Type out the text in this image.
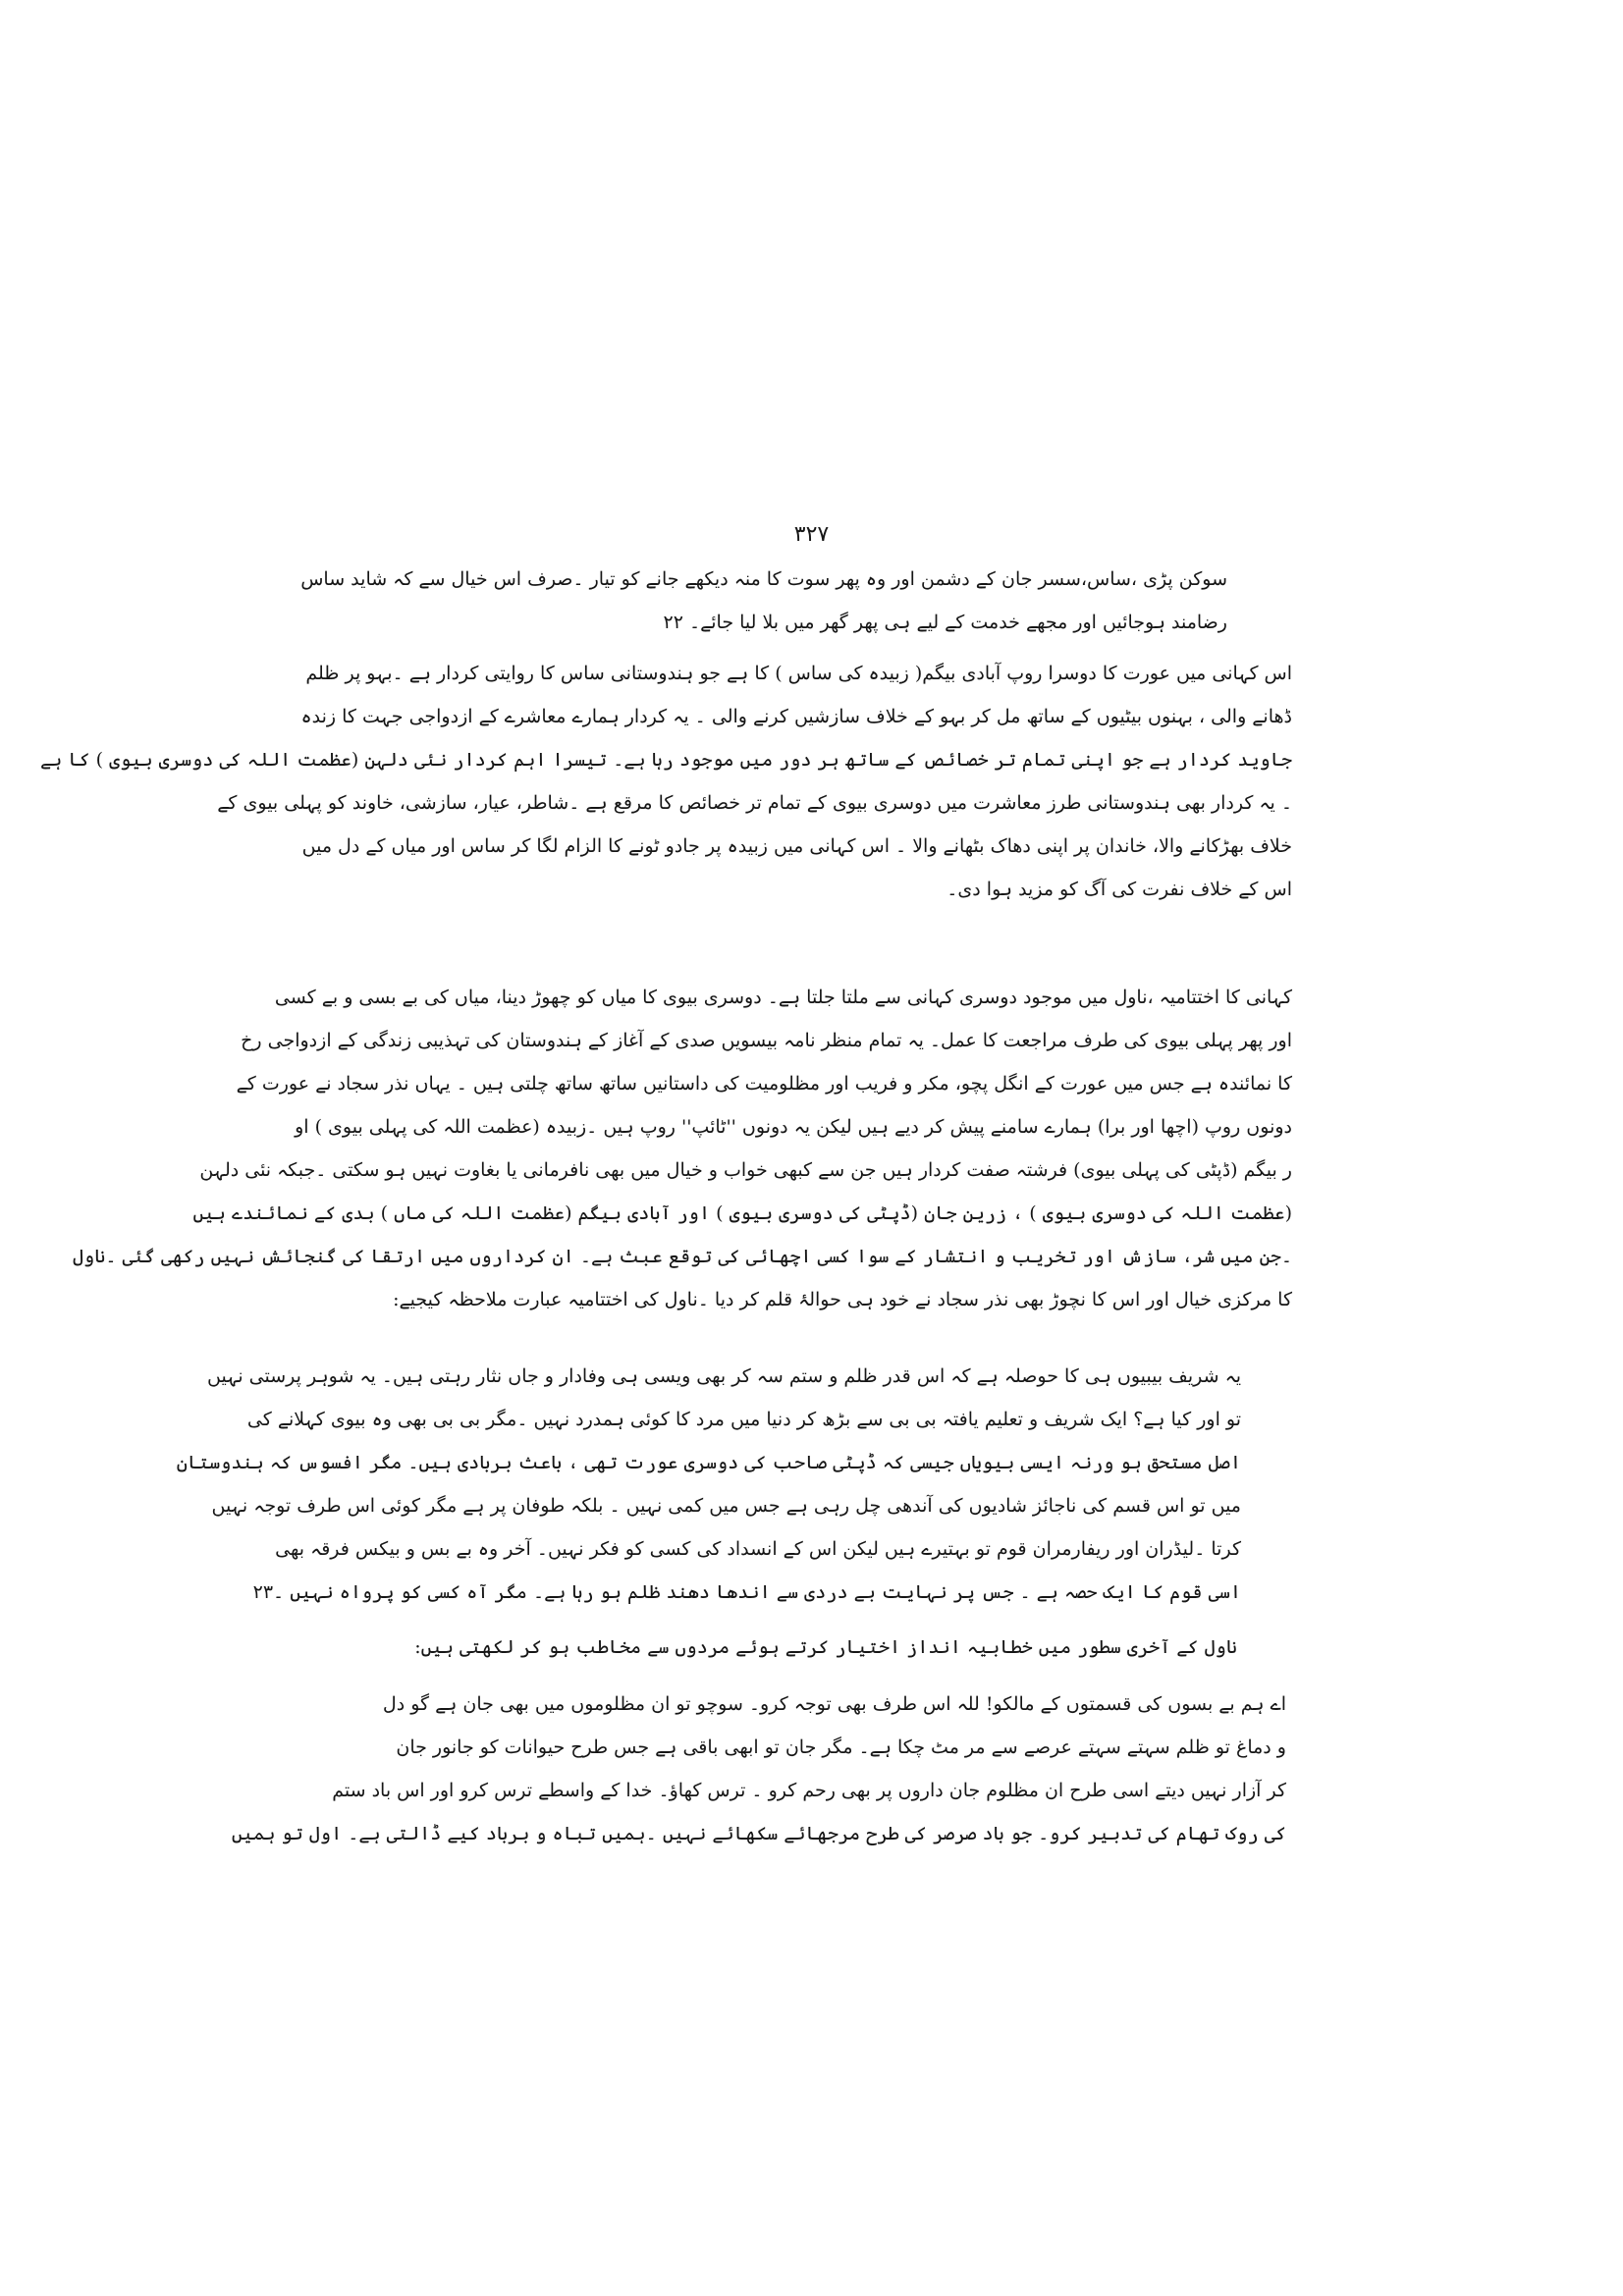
۳۲۷
سوکن پڑی ،ساس،سسر جان کے دشمن اور وہ پھر سوت کا منہ دیکھے جانے کو تیار ۔صرف اس خیال سے کہ شاید ساس
رضامند ہوجائیں اور مجھے خدمت کے لیے ہی پھر گھر میں بلا لیا جائے۔ ۲۲
اس کہانی میں عورت کا دوسرا روپ آبادی بیگم( زبیدہ کی ساس ) کا ہے جو ہندوستانی ساس کا روایتی کردار ہے ۔بہو پر ظلم
ڈھانے والی ، بہنوں بیٹیوں کے ساتھ مل کر بہو کے خلاف سازشیں کرنے والی ۔ یہ کردار ہمارے معاشرے کے ازدواجی جہت کا زندہ
جاوید کردار ہے جو اپنی تمام تر خصائص کے ساتھ ہر دور میں موجود رہا ہے۔ تیسرا اہم کردار نئی دلہن (عظمت اللہ کی دوسری بیوی ) کا ہے
۔ یہ کردار بھی ہندوستانی طرز معاشرت میں دوسری بیوی کے تمام تر خصائص کا مرقع ہے ۔شاطر، عیار، سازشی، خاوند کو پہلی بیوی کے
خلاف بھڑکانے والا، خاندان پر اپنی دھاک بٹھانے والا ۔ اس کہانی میں زبیدہ پر جادو ٹونے کا الزام لگا کر ساس اور میاں کے دل میں
اس کے خلاف نفرت کی آگ کو مزید ہوا دی۔
کہانی کا اختتامیہ ،ناول میں موجود دوسری کہانی سے ملتا جلتا ہے۔ دوسری بیوی کا میاں کو چھوڑ دینا، میاں کی بے بسی و بے کسی
اور پھر پہلی بیوی کی طرف مراجعت کا عمل۔ یہ تمام منظر نامہ بیسویں صدی کے آغاز کے ہندوستان کی تہذیبی زندگی کے ازدواجی رخ
کا نمائندہ ہے جس میں عورت کے انگل پچو، مکر و فریب اور مظلومیت کی داستانیں ساتھ ساتھ چلتی ہیں ۔ یہاں نذر سجاد نے عورت کے
دونوں روپ (اچھا اور برا) ہمارے سامنے پیش کر دیے ہیں لیکن یہ دونوں ''ٹائپ'' روپ ہیں ۔زبیدہ (عظمت اللہ کی پہلی بیوی ) او
ر بیگم (ڈپٹی کی پہلی بیوی) فرشتہ صفت کردار ہیں جن سے کبھی خواب و خیال میں بھی نافرمانی یا بغاوت نہیں ہو سکتی ۔جبکہ نئی دلہن
(عظمت اللہ کی دوسری بیوی ) ، زرین جان (ڈپٹی کی دوسری بیوی ) اور آبادی بیگم (عظمت اللہ کی ماں ) بدی کے نمائندے ہیں
۔جن میں شر، سازش اور تخریب و انتشار کے سوا کسی اچھائی کی توقع عبث ہے۔ ان کرداروں میں ارتقا کی گنجائش نہیں رکھی گئی ۔ناول
کا مرکزی خیال اور اس کا نچوڑ بھی نذر سجاد نے خود ہی حوالۂ قلم کر دیا ۔ناول کی اختتامیہ عبارت ملاحظہ کیجیے:
یہ شریف بیبیوں ہی کا حوصلہ ہے کہ اس قدر ظلم و ستم سہ کر بھی ویسی ہی وفادار و جاں نثار رہتی ہیں۔ یہ شوہر پرستی نہیں
تو اور کیا ہے؟ ایک شریف و تعلیم یافتہ بی بی سے بڑھ کر دنیا میں مرد کا کوئی ہمدرد نہیں ۔مگر بی بی بھی وہ بیوی کہلانے کی
اصل مستحق ہو ورنہ ایسی بیویاں جیسی کہ ڈپٹی صاحب کی دوسری عورت تھی ، باعث بربادی ہیں۔ مگر افسوس کہ ہندوستان
میں تو اس قسم کی ناجائز شادیوں کی آندھی چل رہی ہے جس میں کمی نہیں ۔ بلکہ طوفان پر ہے مگر کوئی اس طرف توجہ نہیں
کرتا ۔لیڈران اور ریفارمران قوم تو بہتیرے ہیں لیکن اس کے انسداد کی کسی کو فکر نہیں۔ آخر وہ بے بس و بیکس فرقہ بھی
اسی قوم کا ایک حصہ ہے ۔ جس پر نہایت بے دردی سے اندھا دھند ظلم ہو رہا ہے۔ مگر آہ کسی کو پرواہ نہیں ۔۲۳
ناول کے آخری سطور میں خطابیہ انداز اختیار کرتے ہوئے مردوں سے مخاطب ہو کر لکھتی ہیں:
اے ہم بے بسوں کی قسمتوں کے مالکو! للہ اس طرف بھی توجہ کرو۔ سوچو تو ان مظلوموں میں بھی جان ہے گو دل
و دماغ تو ظلم سہتے سہتے عرصے سے مر مٹ چکا ہے۔ مگر جان تو ابھی باقی ہے جس طرح حیوانات کو جانور جان
کر آزار نہیں دیتے اسی طرح ان مظلوم جان داروں پر بھی رحم کرو ۔ ترس کھاؤ۔ خدا کے واسطے ترس کرو اور اس باد ستم
کی روک تھام کی تدبیر کرو۔ جو باد صرصر کی طرح مرجھائے سکھائے نہیں ۔ہمیں تباہ و برباد کیے ڈالتی ہے۔ اول تو ہمیں
